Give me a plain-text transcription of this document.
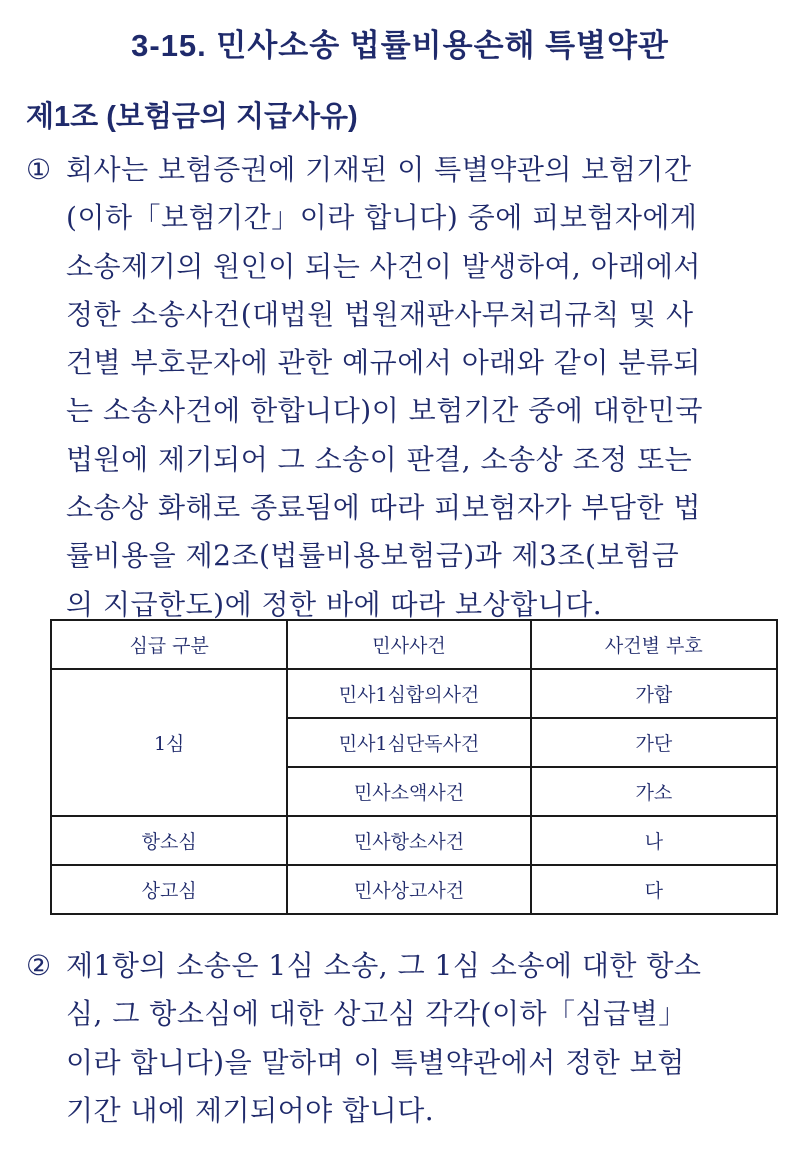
3-15. 민사소송 법률비용손해 특별약관
제1조 (보험금의 지급사유)
① 회사는 보험증권에 기재된 이 특별약관의 보험기간
(이하「보험기간」이라 합니다) 중에 피보험자에게
소송제기의 원인이 되는 사건이 발생하여, 아래에서
정한 소송사건(대법원 법원재판사무처리규칙 및 사
건별 부호문자에 관한 예규에서 아래와 같이 분류되
는 소송사건에 한합니다)이 보험기간 중에 대한민국
법원에 제기되어 그 소송이 판결, 소송상 조정 또는
소송상 화해로 종료됨에 따라 피보험자가 부담한 법
률비용을 제2조(법률비용보험금)과 제3조(보험금
의 지급한도)에 정한 바에 따라 보상합니다.
심급 구분	민사사건	사건별 부호
1심	민사1심합의사건	가합
	민사1심단독사건	가단
	민사소액사건	가소
항소심	민사항소사건	나
상고심	민사상고사건	다
② 제1항의 소송은 1심 소송, 그 1심 소송에 대한 항소
심, 그 항소심에 대한 상고심 각각(이하「심급별」
이라 합니다)을 말하며 이 특별약관에서 정한 보험
기간 내에 제기되어야 합니다.
